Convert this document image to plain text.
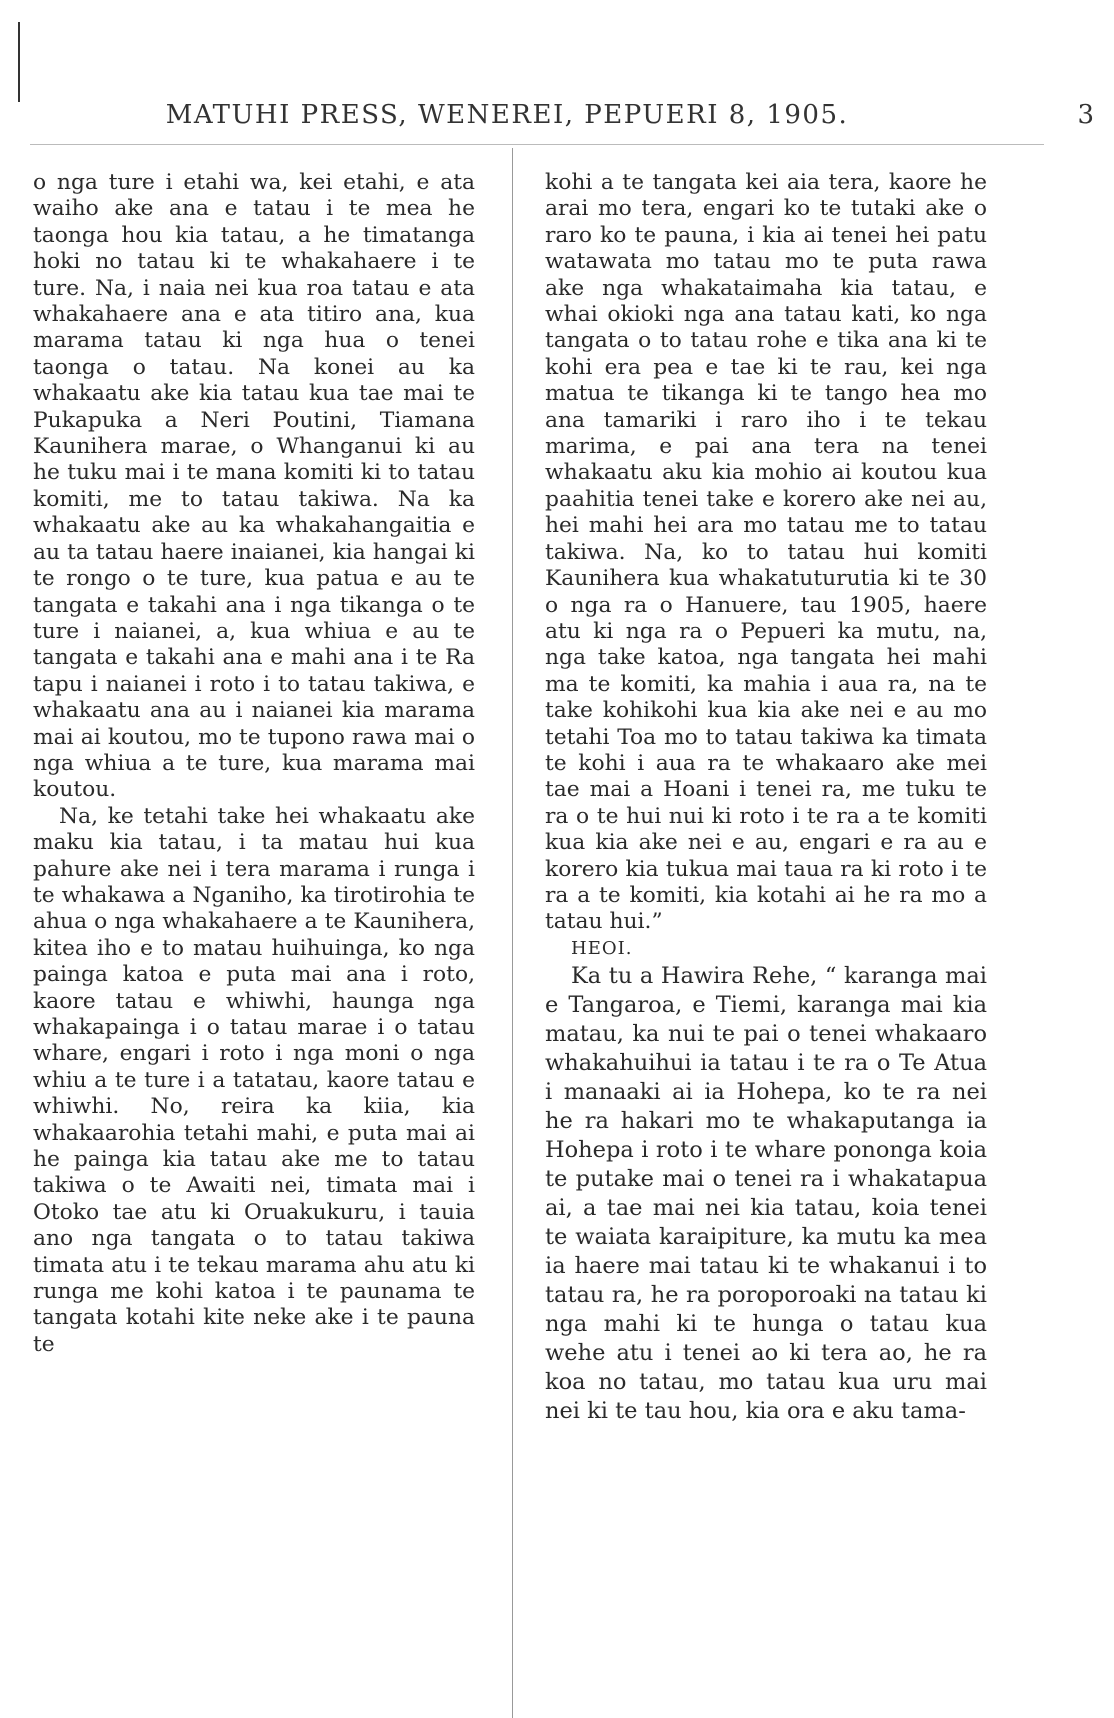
MATUHI PRESS, WENEREI, PEPUERI 8, 1905.	3

o nga ture i etahi wa, kei etahi, e ata waiho ake ana e tatau i te mea he taonga hou kia tatau, a he timatanga hoki no tatau ki te whakahaere i te ture. Na, i naia nei kua roa tatau e ata whakahaere ana e ata titiro ana, kua marama tatau ki nga hua o tenei taonga o tatau. Na konei au ka whakaatu ake kia tatau kua tae mai te Pukapuka a Neri Poutini, Tiamana Kaunihera marae, o Whanganui ki au he tuku mai i te mana komiti ki to tatau komiti, me to tatau takiwa. Na ka whakaatu ake au ka whakahangaitia e au ta tatau haere inaianei, kia hangai ki te rongo o te ture, kua patua e au te tangata e takahi ana i nga tikanga o te ture i naianei, a, kua whiua e au te tangata e takahi ana e mahi ana i te Ra tapu i naianei i roto i to tatau takiwa, e whakaatu ana au i naianei kia marama mai ai koutou, mo te tupono rawa mai o nga whiua a te ture, kua marama mai koutou.

Na, ke tetahi take hei whakaatu ake maku kia tatau, i ta matau hui kua pahure ake nei i tera marama i runga i te whakawa a Nganiho, ka tirotirohia te ahua o nga whakahaere a te Kaunihera, kitea iho e to matau huihuinga, ko nga painga katoa e puta mai ana i roto, kaore tatau e whiwhi, haunga nga whakapainga i o tatau marae i o tatau whare, engari i roto i nga moni o nga whiu a te ture i a tatatau, kaore tatau e whiwhi. No, reira ka kiia, kia whakaarohia tetahi mahi, e puta mai ai he painga kia tatau ake me to tatau takiwa o te Awaiti nei, timata mai i Otoko tae atu ki Oruakukuru, i tauia ano nga tangata o to tatau takiwa timata atu i te tekau marama ahu atu ki runga me kohi katoa i te paunama te tangata kotahi kite neke ake i te pauna te

kohi a te tangata kei aia tera, kaore he arai mo tera, engari ko te tutaki ake o raro ko te pauna, i kia ai tenei hei patu watawata mo tatau mo te puta rawa ake nga whakataimaha kia tatau, e whai okioki nga ana tatau kati, ko nga tangata o to tatau rohe e tika ana ki te kohi era pea e tae ki te rau, kei nga matua te tikanga ki te tango hea mo ana tamariki i raro iho i te tekau marima, e pai ana tera na tenei whakaatu aku kia mohio ai koutou kua paahitia tenei take e korero ake nei au, hei mahi hei ara mo tatau me to tatau takiwa. Na, ko to tatau hui komiti Kaunihera kua whakatuturutia ki te 30 o nga ra o Hanuere, tau 1905, haere atu ki nga ra o Pepueri ka mutu, na, nga take katoa, nga tangata hei mahi ma te komiti, ka mahia i aua ra, na te take kohikohi kua kia ake nei e au mo tetahi Toa mo to tatau takiwa ka timata te kohi i aua ra te whakaaro ake mei tae mai a Hoani i tenei ra, me tuku te ra o te hui nui ki roto i te ra a te komiti kua kia ake nei e au, engari e ra au e korero kia tukua mai taua ra ki roto i te ra a te komiti, kia kotahi ai he ra mo a tatau hui.”

HEOI.

Ka tu a Hawira Rehe, “ karanga mai e Tangaroa, e Tiemi, karanga mai kia matau, ka nui te pai o tenei whakaaro whakahuihui ia tatau i te ra o Te Atua i manaaki ai ia Hohepa, ko te ra nei he ra hakari mo te whakaputanga ia Hohepa i roto i te whare pononga koia te putake mai o tenei ra i whakatapua ai, a tae mai nei kia tatau, koia tenei te waiata karaipiture, ka mutu ka mea ia haere mai tatau ki te whakanui i to tatau ra, he ra poroporoaki na tatau ki nga mahi ki te hunga o tatau kua wehe atu i tenei ao ki tera ao, he ra koa no tatau, mo tatau kua uru mai nei ki te tau hou, kia ora e aku tama-
